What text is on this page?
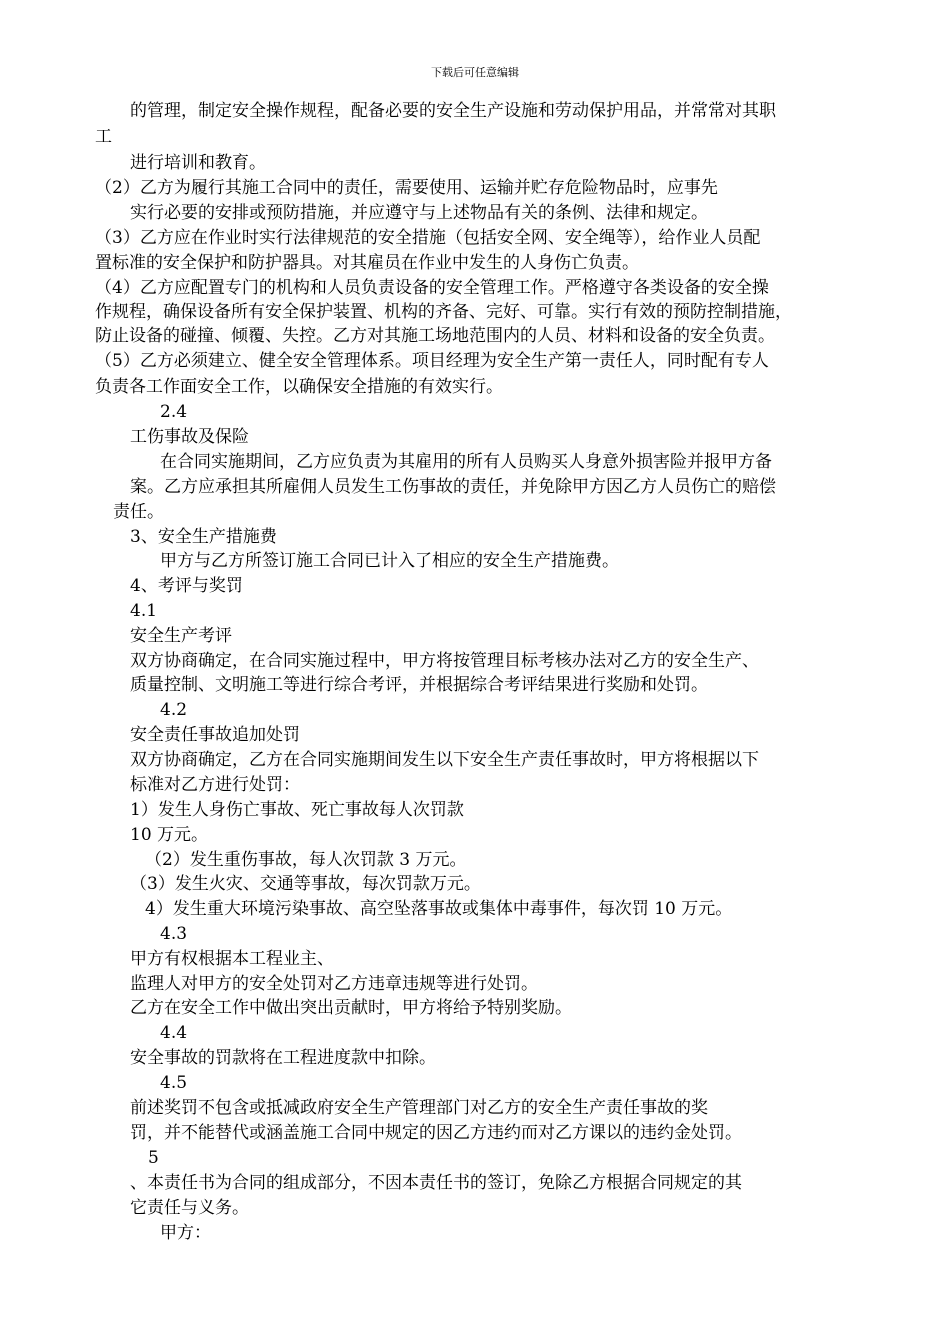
下载后可任意编辑
的管理，制定安全操作规程，配备必要的安全生产设施和劳动保护用品，并常常对其职
工
进行培训和教育。
（2）乙方为履行其施工合同中的责任，需要使用、运输并贮存危险物品时，应事先
实行必要的安排或预防措施，并应遵守与上述物品有关的条例、法律和规定。
（3）乙方应在作业时实行法律规范的安全措施（包括安全网、安全绳等），给作业人员配
置标准的安全保护和防护器具。对其雇员在作业中发生的人身伤亡负责。
（4）乙方应配置专门的机构和人员负责设备的安全管理工作。严格遵守各类设备的安全操
作规程，确保设备所有安全保护装置、机构的齐备、完好、可靠。实行有效的预防控制措施，
防止设备的碰撞、倾覆、失控。乙方对其施工场地范围内的人员、材料和设备的安全负责。
（5）乙方必须建立、健全安全管理体系。项目经理为安全生产第一责任人，同时配有专人
负责各工作面安全工作，以确保安全措施的有效实行。
2.4
工伤事故及保险
在合同实施期间，乙方应负责为其雇用的所有人员购买人身意外损害险并报甲方备
案。乙方应承担其所雇佣人员发生工伤事故的责任，并免除甲方因乙方人员伤亡的赔偿
责任。
3、安全生产措施费
甲方与乙方所签订施工合同已计入了相应的安全生产措施费。
4、考评与奖罚
4.1
安全生产考评
双方协商确定，在合同实施过程中，甲方将按管理目标考核办法对乙方的安全生产、
质量控制、文明施工等进行综合考评，并根据综合考评结果进行奖励和处罚。
4.2
安全责任事故追加处罚
双方协商确定，乙方在合同实施期间发生以下安全生产责任事故时，甲方将根据以下
标准对乙方进行处罚：
1）发生人身伤亡事故、死亡事故每人次罚款
10 万元。
（2）发生重伤事故，每人次罚款 3 万元。
（3）发生火灾、交通等事故，每次罚款万元。
4）发生重大环境污染事故、高空坠落事故或集体中毒事件，每次罚 10 万元。
4.3
甲方有权根据本工程业主、
监理人对甲方的安全处罚对乙方违章违规等进行处罚。
乙方在安全工作中做出突出贡献时，甲方将给予特别奖励。
4.4
安全事故的罚款将在工程进度款中扣除。
4.5
前述奖罚不包含或抵减政府安全生产管理部门对乙方的安全生产责任事故的奖
罚，并不能替代或涵盖施工合同中规定的因乙方违约而对乙方课以的违约金处罚。
5
、本责任书为合同的组成部分，不因本责任书的签订，免除乙方根据合同规定的其
它责任与义务。
甲方：
